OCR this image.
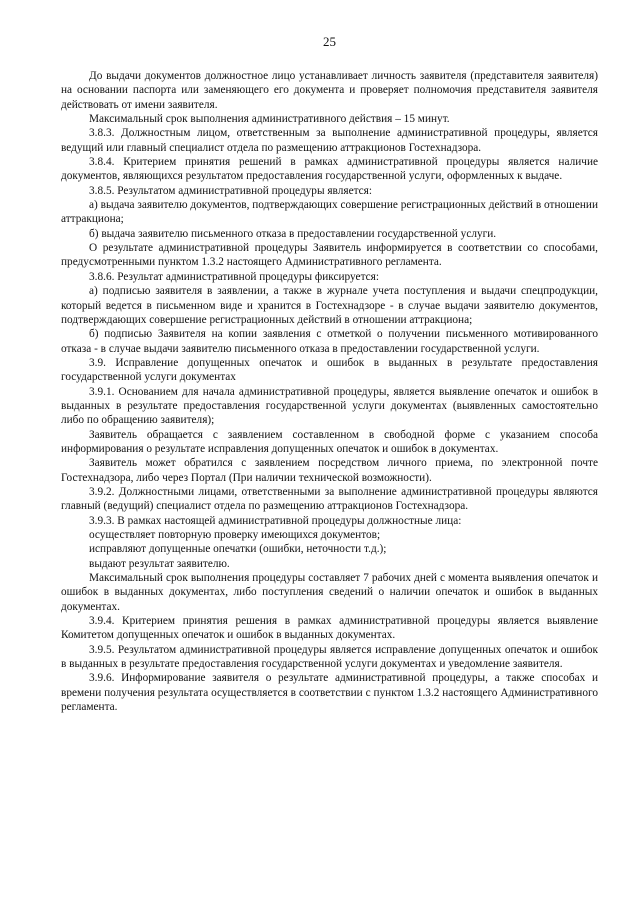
25

До выдачи документов должностное лицо устанавливает личность заявителя (представителя заявителя) на основании паспорта или заменяющего его документа и проверяет полномочия представителя заявителя действовать от имени заявителя.

Максимальный срок выполнения административного действия – 15 минут.

3.8.3. Должностным лицом, ответственным за выполнение административной процедуры, является ведущий или главный специалист отдела по размещению аттракционов Гостехнадзора.

3.8.4. Критерием принятия решений в рамках административной процедуры является наличие документов, являющихся результатом предоставления государственной услуги, оформленных к выдаче.

3.8.5. Результатом административной процедуры является:

а) выдача заявителю документов, подтверждающих совершение регистрационных действий в отношении аттракциона;

б) выдача заявителю письменного отказа в предоставлении государственной услуги.

О результате административной процедуры Заявитель информируется в соответствии со способами, предусмотренными пунктом 1.3.2 настоящего Административного регламента.

3.8.6. Результат административной процедуры фиксируется:

а) подписью заявителя в заявлении, а также в журнале учета поступления и выдачи спецпродукции, который ведется в письменном виде и хранится в Гостехнадзоре - в случае выдачи заявителю документов, подтверждающих совершение регистрационных действий в отношении аттракциона;

б) подписью Заявителя на копии заявления с отметкой о получении письменного мотивированного отказа - в случае выдачи заявителю письменного отказа в предоставлении государственной услуги.

3.9. Исправление допущенных опечаток и ошибок в выданных в результате предоставления государственной услуги документах

3.9.1. Основанием для начала административной процедуры, является выявление опечаток и ошибок в выданных в результате предоставления государственной услуги документах (выявленных самостоятельно либо по обращению заявителя);

Заявитель обращается с заявлением составленном в свободной форме с указанием способа информирования о результате исправления допущенных опечаток и ошибок в документах.

Заявитель может обратился с заявлением посредством личного приема, по электронной почте Гостехнадзора, либо через Портал (При наличии технической возможности).

3.9.2. Должностными лицами, ответственными за выполнение административной процедуры являются главный (ведущий) специалист отдела по размещению аттракционов Гостехнадзора.

3.9.3. В рамках настоящей административной процедуры должностные лица:

осуществляет повторную проверку имеющихся документов;

исправляют допущенные опечатки (ошибки, неточности т.д.);

выдают результат заявителю.

Максимальный срок выполнения процедуры составляет 7 рабочих дней с момента выявления опечаток и ошибок в выданных документах, либо поступления сведений о наличии опечаток и ошибок в выданных документах.

3.9.4. Критерием принятия решения в рамках административной процедуры является выявление Комитетом допущенных опечаток и ошибок в выданных документах.

3.9.5. Результатом административной процедуры является исправление допущенных опечаток и ошибок в выданных в результате предоставления государственной услуги документах и уведомление заявителя.

3.9.6. Информирование заявителя о результате административной процедуры, а также способах и времени получения результата осуществляется в соответствии с пунктом 1.3.2 настоящего Административного регламента.
